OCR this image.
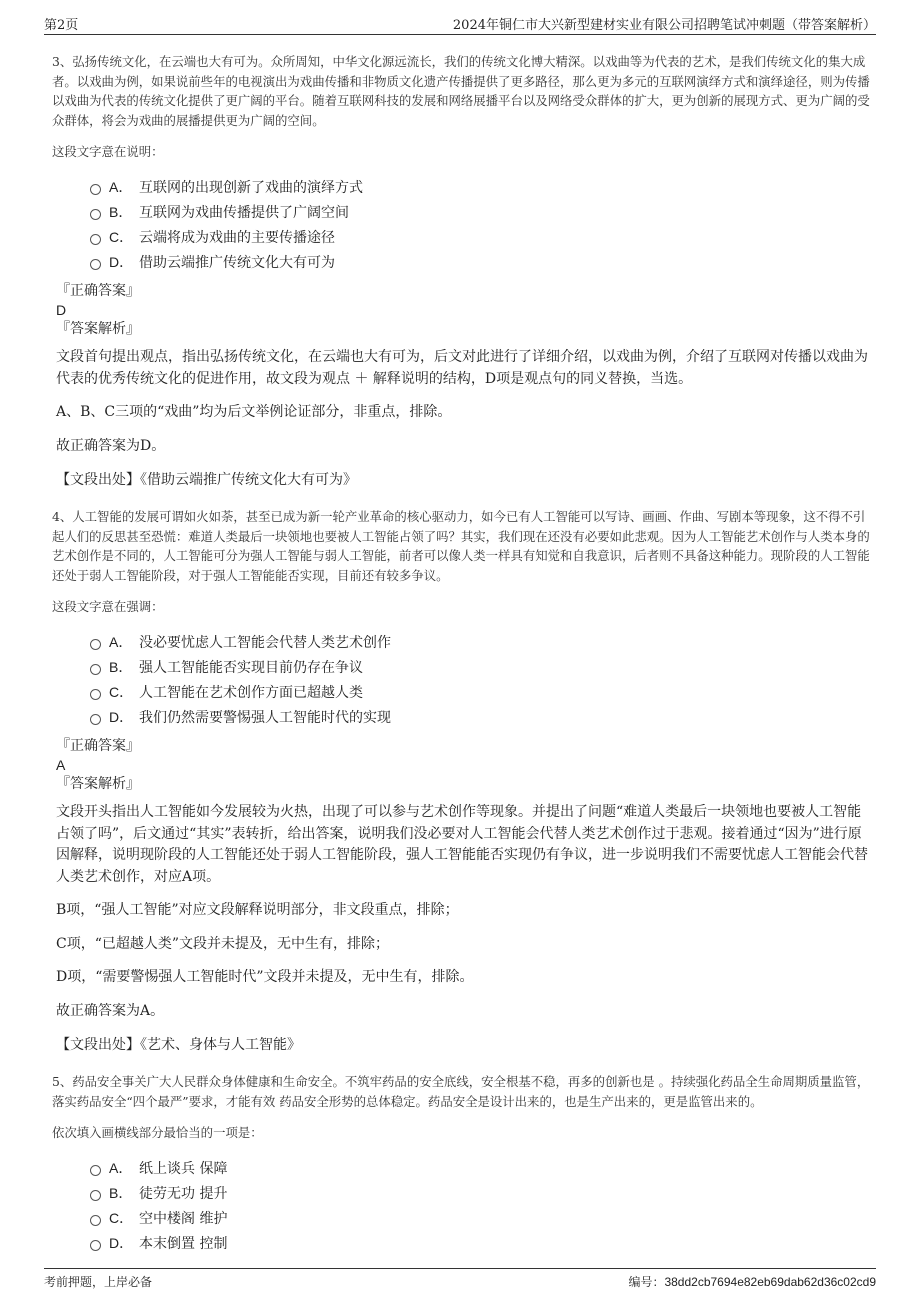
第2页	2024年铜仁市大兴新型建材实业有限公司招聘笔试冲刺题（带答案解析）

3、弘扬传统文化，在云端也大有可为。众所周知，中华文化源远流长，我们的传统文化博大精深。以戏曲等为代表的艺术，是我们传统文化的集大成者。以戏曲为例，如果说前些年的电视演出为戏曲传播和非物质文化遗产传播提供了更多路径，那么更为多元的互联网演绎方式和演绎途径，则为传播以戏曲为代表的传统文化提供了更广阔的平台。随着互联网科技的发展和网络展播平台以及网络受众群体的扩大，更为创新的展现方式、更为广阔的受众群体，将会为戏曲的展播提供更为广阔的空间。

这段文字意在说明：

A． 互联网的出现创新了戏曲的演绎方式
B． 互联网为戏曲传播提供了广阔空间
C． 云端将成为戏曲的主要传播途径
D． 借助云端推广传统文化大有可为
『正确答案』
D
『答案解析』

文段首句提出观点，指出弘扬传统文化，在云端也大有可为，后文对此进行了详细介绍，以戏曲为例，介绍了互联网对传播以戏曲为代表的优秀传统文化的促进作用，故文段为观点 ＋ 解释说明的结构，D项是观点句的同义替换，当选。

A、B、C三项的“戏曲”均为后文举例论证部分，非重点，排除。

故正确答案为D。

【文段出处】《借助云端推广传统文化大有可为》

4、人工智能的发展可谓如火如荼，甚至已成为新一轮产业革命的核心驱动力，如今已有人工智能可以写诗、画画、作曲、写剧本等现象，这不得不引起人们的反思甚至恐慌：难道人类最后一块领地也要被人工智能占领了吗？其实，我们现在还没有必要如此悲观。因为人工智能艺术创作与人类本身的艺术创作是不同的，人工智能可分为强人工智能与弱人工智能，前者可以像人类一样具有知觉和自我意识，后者则不具备这种能力。现阶段的人工智能还处于弱人工智能阶段，对于强人工智能能否实现，目前还有较多争议。

这段文字意在强调：

A． 没必要忧虑人工智能会代替人类艺术创作
B． 强人工智能能否实现目前仍存在争议
C． 人工智能在艺术创作方面已超越人类
D． 我们仍然需要警惕强人工智能时代的实现
『正确答案』
A
『答案解析』

文段开头指出人工智能如今发展较为火热，出现了可以参与艺术创作等现象。并提出了问题“难道人类最后一块领地也要被人工智能占领了吗”，后文通过“其实”表转折，给出答案，说明我们没必要对人工智能会代替人类艺术创作过于悲观。接着通过“因为”进行原因解释，说明现阶段的人工智能还处于弱人工智能阶段，强人工智能能否实现仍有争议，进一步说明我们不需要忧虑人工智能会代替人类艺术创作，对应A项。

B项，“强人工智能”对应文段解释说明部分，非文段重点，排除；

C项，“已超越人类”文段并未提及，无中生有，排除；

D项，“需要警惕强人工智能时代”文段并未提及，无中生有，排除。

故正确答案为A。

【文段出处】《艺术、身体与人工智能》

5、药品安全事关广大人民群众身体健康和生命安全。不筑牢药品的安全底线，安全根基不稳，再多的创新也是 。持续强化药品全生命周期质量监管，落实药品安全“四个最严”要求，才能有效 药品安全形势的总体稳定。药品安全是设计出来的，也是生产出来的，更是监管出来的。

依次填入画横线部分最恰当的一项是：

A． 纸上谈兵 保障
B． 徒劳无功 提升
C． 空中楼阁 维护
D． 本末倒置 控制
考前押题，上岸必备	编号：38dd2cb7694e82eb69dab62d36c02cd9
